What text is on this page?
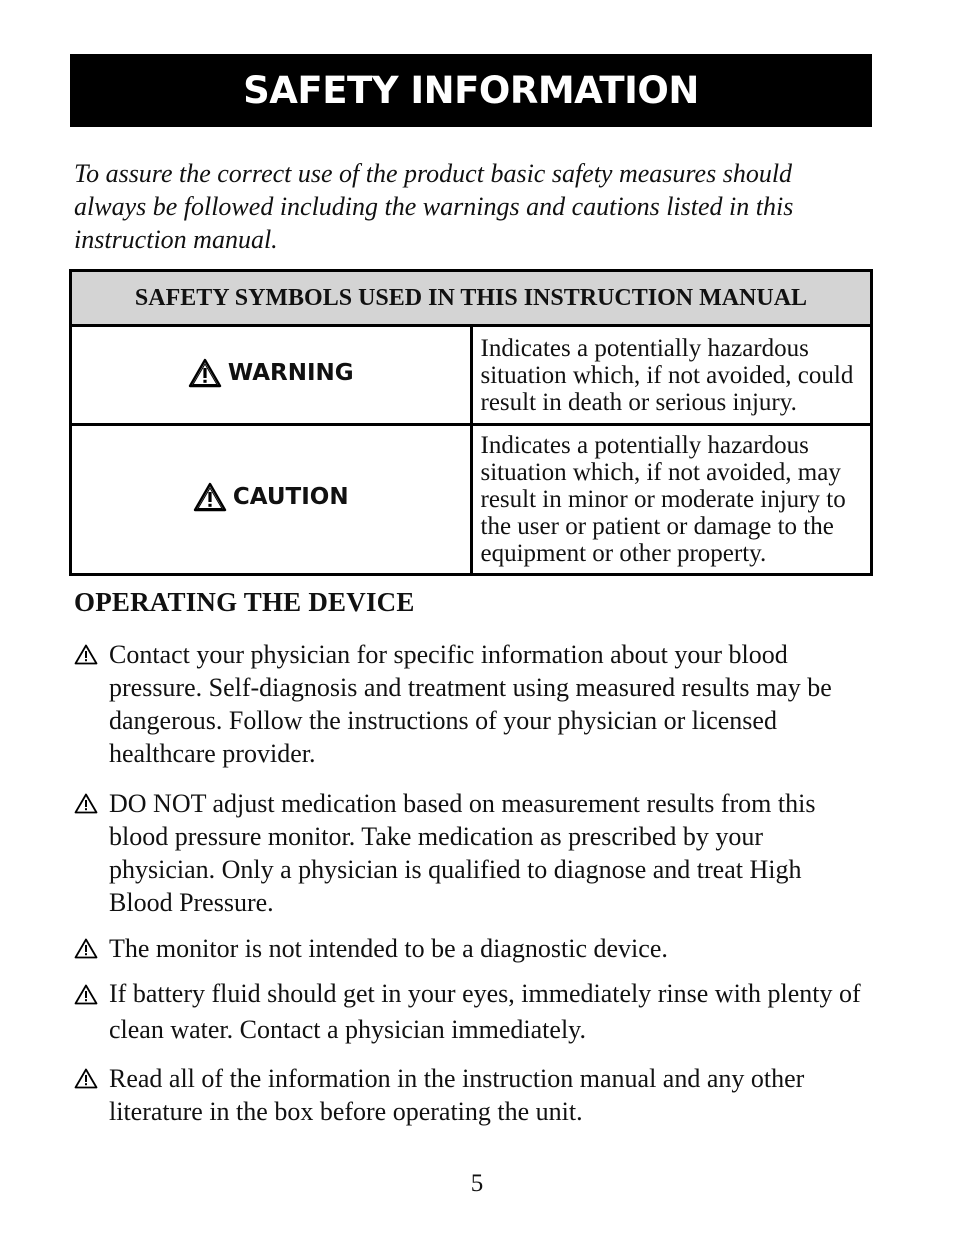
SAFETY INFORMATION

To assure the correct use of the product basic safety measures should always be followed including the warnings and cautions listed in this instruction manual.

SAFETY SYMBOLS USED IN THIS INSTRUCTION MANUAL	

WARNING	Indicates a potentially hazardous situation which, if not avoided, could result in death or serious injury.

CAUTION	Indicates a potentially hazardous situation which, if not avoided, may result in minor or moderate injury to the user or patient or damage to the equipment or other property.
OPERATING THE DEVICE

Contact your physician for specific information about your blood pressure. Self-diagnosis and treatment using measured results may be dangerous. Follow the instructions of your physician or licensed healthcare provider.

DO NOT adjust medication based on measurement results from this blood pressure monitor. Take medication as prescribed by your physician. Only a physician is qualified to diagnose and treat High Blood Pressure.

The monitor is not intended to be a diagnostic device.

If battery fluid should get in your eyes, immediately rinse with plenty of clean water. Contact a physician immediately.

Read all of the information in the instruction manual and any other literature in the box before operating the unit.

5
